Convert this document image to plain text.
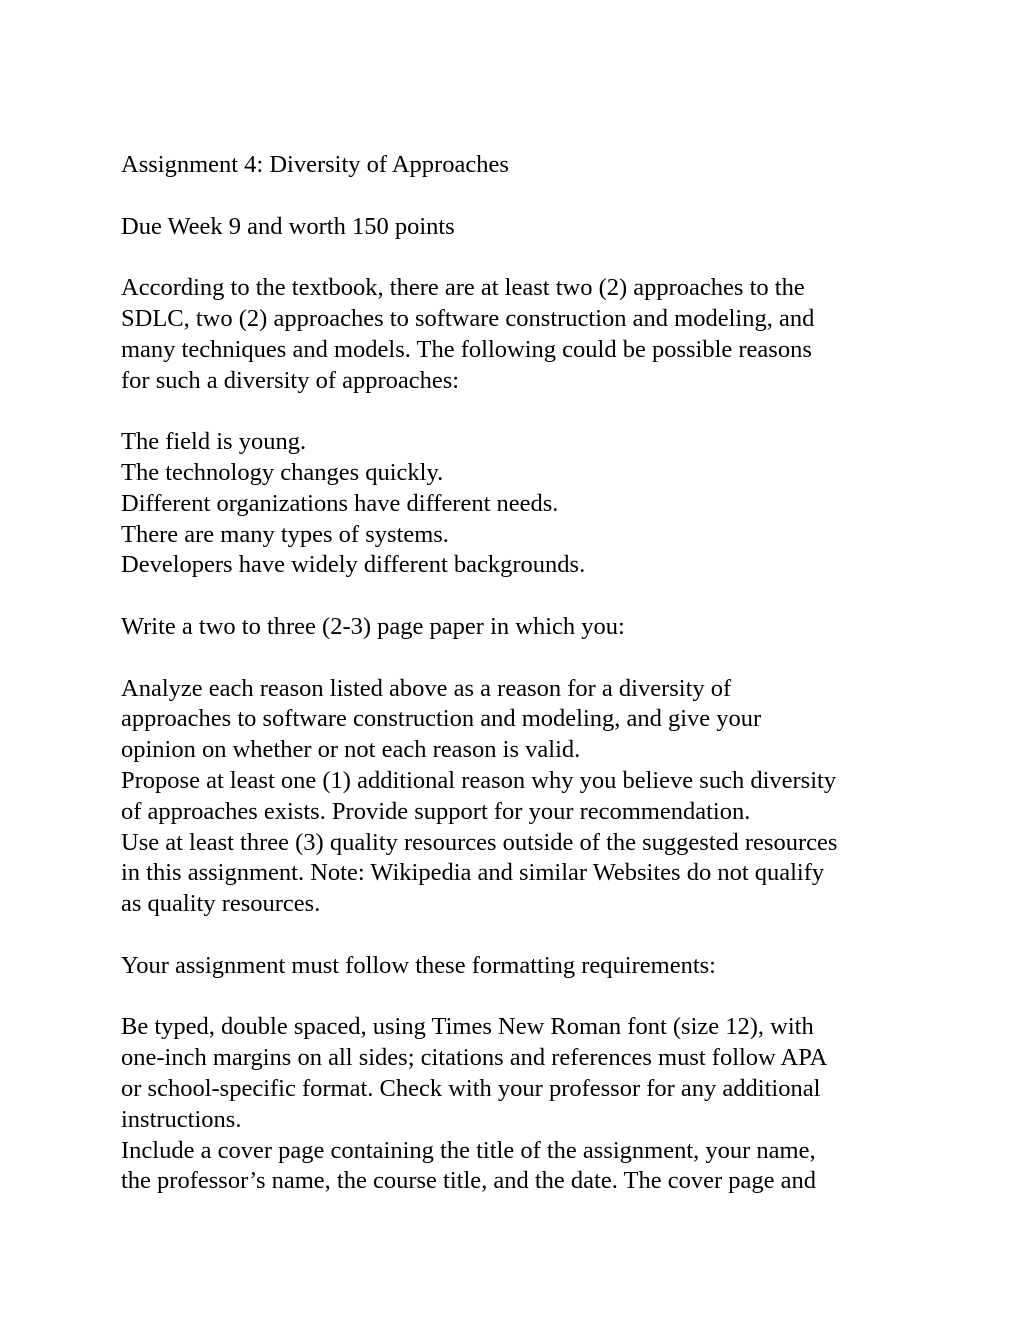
Assignment 4: Diversity of Approaches
Due Week 9 and worth 150 points
According to the textbook, there are at least two (2) approaches to the
SDLC, two (2) approaches to software construction and modeling, and
many techniques and models. The following could be possible reasons
for such a diversity of approaches:
The field is young.
The technology changes quickly.
Different organizations have different needs.
There are many types of systems.
Developers have widely different backgrounds.
Write a two to three (2-3) page paper in which you:
Analyze each reason listed above as a reason for a diversity of
approaches to software construction and modeling, and give your
opinion on whether or not each reason is valid.
Propose at least one (1) additional reason why you believe such diversity
of approaches exists. Provide support for your recommendation.
Use at least three (3) quality resources outside of the suggested resources
in this assignment. Note: Wikipedia and similar Websites do not qualify
as quality resources.
Your assignment must follow these formatting requirements:
Be typed, double spaced, using Times New Roman font (size 12), with
one-inch margins on all sides; citations and references must follow APA
or school-specific format. Check with your professor for any additional
instructions.
Include a cover page containing the title of the assignment, your name,
the professor’s name, the course title, and the date. The cover page and
